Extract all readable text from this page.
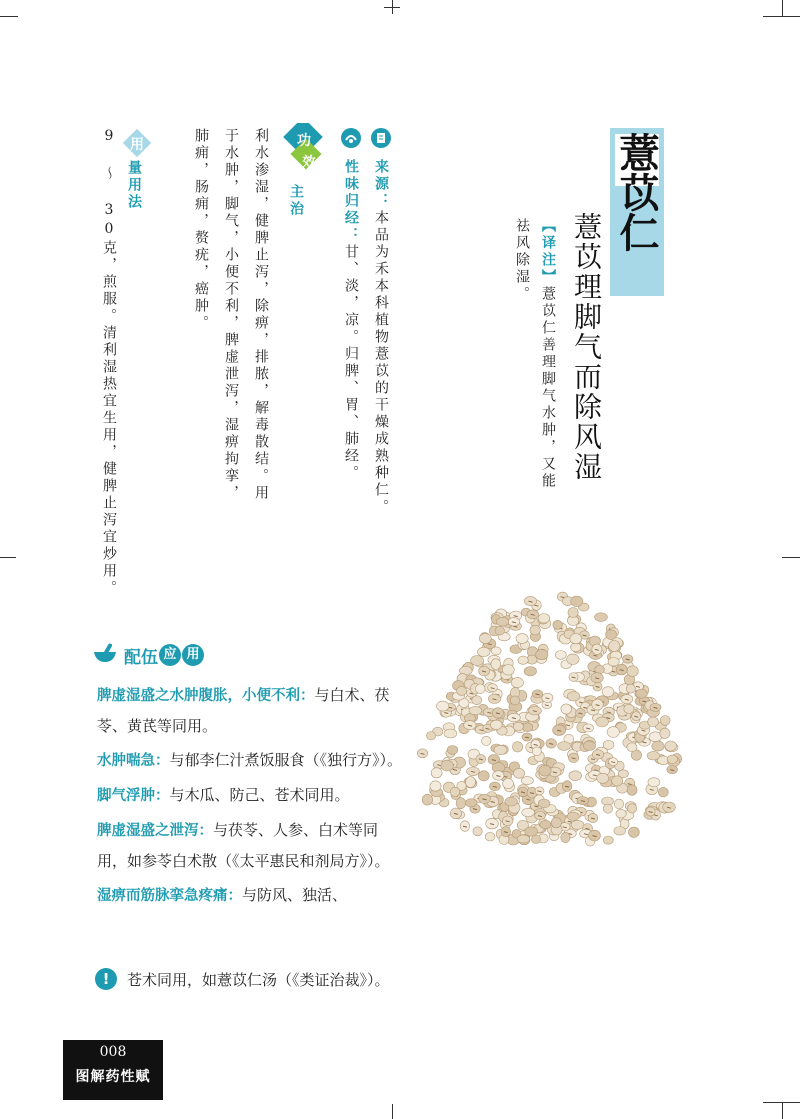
薏苡仁
薏苡理脚气而除风湿
【译注】薏苡仁善理脚气水肿，又能
祛风除湿。
来源：本品为禾本科植物薏苡的干燥成熟种仁。
性味归经：甘、淡，凉。归脾、胃、肺经。
功
效
主治
利水渗湿，健脾止泻，除痹，排脓，解毒散结。用
于水肿，脚气，小便不利，脾虚泄泻，湿痹拘挛，
肺痈，肠痈，赘疣，癌肿。
用
量用法
9 ～ 30克，煎服。清利湿热宜生用，健脾止泻宜炒用。
配伍 应 用

脾虚湿盛之水肿腹胀，小便不利：与白术、茯苓、黄芪等同用。

水肿喘急：与郁李仁汁煮饭服食（《独行方》）。

脚气浮肿：与木瓜、防己、苍术同用。

脾虚湿盛之泄泻：与茯苓、人参、白术等同用，如参苓白术散（《太平惠民和剂局方》）。

湿痹而筋脉挛急疼痛：与防风、独活、

!	苍术同用，如薏苡仁汤（《类证治裁》）。
008
图解药性赋
